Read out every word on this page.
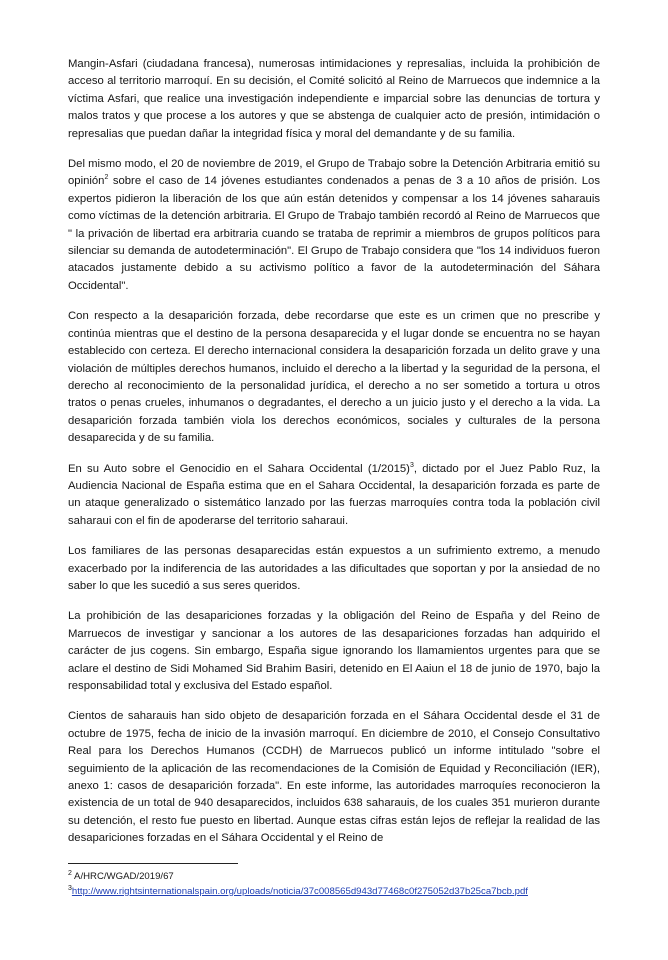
Mangin-Asfari (ciudadana francesa), numerosas intimidaciones y represalias, incluida la prohibición de acceso al territorio marroquí. En su decisión, el Comité solicitó al Reino de Marruecos que indemnice a la víctima Asfari, que realice una investigación independiente e imparcial sobre las denuncias de tortura y malos tratos y que procese a los autores y que se abstenga de cualquier acto de presión, intimidación o represalias que puedan dañar la integridad física y moral del demandante y de su familia.

Del mismo modo, el 20 de noviembre de 2019, el Grupo de Trabajo sobre la Detención Arbitraria emitió su opinión$^2$ sobre el caso de 14 jóvenes estudiantes condenados a penas de 3 a 10 años de prisión. Los expertos pidieron la liberación de los que aún están detenidos y compensar a los 14 jóvenes saharauis como víctimas de la detención arbitraria. El Grupo de Trabajo también recordó al Reino de Marruecos que " la privación de libertad era arbitraria cuando se trataba de reprimir a miembros de grupos políticos para silenciar su demanda de autodeterminación". El Grupo de Trabajo considera que "los 14 individuos fueron atacados justamente debido a su activismo político a favor de la autodeterminación del Sáhara Occidental".

Con respecto a la desaparición forzada, debe recordarse que este es un crimen que no prescribe y continúa mientras que el destino de la persona desaparecida y el lugar donde se encuentra no se hayan establecido con certeza. El derecho internacional considera la desaparición forzada un delito grave y una violación de múltiples derechos humanos, incluido el derecho a la libertad y la seguridad de la persona, el derecho al reconocimiento de la personalidad jurídica, el derecho a no ser sometido a tortura u otros tratos o penas crueles, inhumanos o degradantes, el derecho a un juicio justo y el derecho a la vida. La desaparición forzada también viola los derechos económicos, sociales y culturales de la persona desaparecida y de su familia.

En su Auto sobre el Genocidio en el Sahara Occidental $(1/2015)^3$, dictado por el Juez Pablo Ruz, la Audiencia Nacional de España estima que en el Sahara Occidental, la desaparición forzada es parte de un ataque generalizado o sistemático lanzado por las fuerzas marroquíes contra toda la población civil saharaui con el fin de apoderarse del territorio saharaui.

Los familiares de las personas desaparecidas están expuestos a un sufrimiento extremo, a menudo exacerbado por la indiferencia de las autoridades a las dificultades que soportan y por la ansiedad de no saber lo que les sucedió a sus seres queridos.

La prohibición de las desapariciones forzadas y la obligación del Reino de España y del Reino de Marruecos de investigar y sancionar a los autores de las desapariciones forzadas han adquirido el carácter de jus cogens. Sin embargo, España sigue ignorando los llamamientos urgentes para que se aclare el destino de Sidi Mohamed Sid Brahim Basiri, detenido en El Aaiun el 18 de junio de 1970, bajo la responsabilidad total y exclusiva del Estado español.

Cientos de saharauis han sido objeto de desaparición forzada en el Sáhara Occidental desde el 31 de octubre de 1975, fecha de inicio de la invasión marroquí. En diciembre de 2010, el Consejo Consultativo Real para los Derechos Humanos (CCDH) de Marruecos publicó un informe intitulado "sobre el seguimiento de la aplicación de las recomendaciones de la Comisión de Equidad y Reconciliación (IER), anexo 1: casos de desaparición forzada". En este informe, las autoridades marroquíes reconocieron la existencia de un total de 940 desaparecidos, incluidos 638 saharauis, de los cuales 351 murieron durante su detención, el resto fue puesto en libertad. Aunque estas cifras están lejos de reflejar la realidad de las desapariciones forzadas en el Sáhara Occidental y el Reino de

$^2$ A/HRC/WGAD/2019/67
$^3$http://www.rightsinternationalspain.org/uploads/noticia/37c008565d943d77468c0f275052d37b25ca7bcb.pdf
